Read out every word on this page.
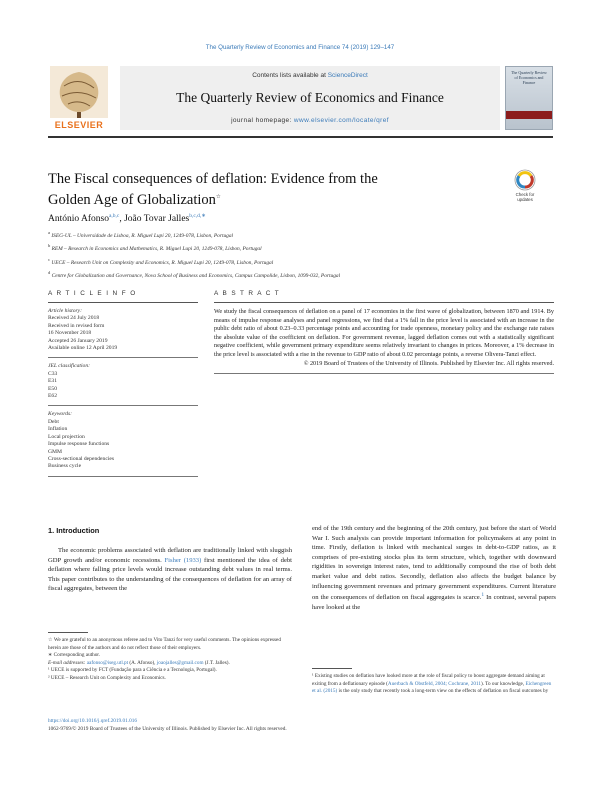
The Quarterly Review of Economics and Finance 74 (2019) 129–147
ELSEVIER
Contents lists available at ScienceDirect
The Quarterly Review of Economics and Finance
journal homepage: www.elsevier.com/locate/qref
The Quarterly Review of Economics and Finance
The Fiscal consequences of deflation: Evidence from the
Golden Age of Globalization☆	Check for
updates
António Afonso$^{a,b,c}$, João Tovar Jalles$^{b,c,d,∗}$
$^a$ ISEG-UL – Universidade de Lisboa, R. Miguel Lupi 20, 1249-078, Lisbon, Portugal
$^b$ REM – Research in Economics and Mathematics, R. Miguel Lupi 20, 1249-078, Lisbon, Portugal
$^c$ UECE – Research Unit on Complexity and Economics, R. Miguel Lupi 20, 1249-078, Lisbon, Portugal
$^d$ Centre for Globalization and Governance, Nova School of Business and Economics, Campus Campolide, Lisbon, 1099-032, Portugal
A R T I C L E I N F O
Article history:
Received 24 July 2018
Received in revised form
16 November 2018
Accepted 26 January 2019
Available online 12 April 2019
JEL classification:
C33
E31
E50
E62
Keywords:
Debt
Inflation
Local projection
Impulse response functions
GMM
Cross-sectional dependencies
Business cycle
A B S T R A C T
We study the fiscal consequences of deflation on a panel of 17 economies in the first wave of globalization, between 1870 and 1914. By means of impulse response analyses and panel regressions, we find that a 1% fall in the price level is associated with an increase in the public debt ratio of about 0.23–0.33 percentage points and accounting for trade openness, monetary policy and the exchange rate raises the absolute value of the coefficient on deflation. For government revenue, lagged deflation comes out with a statistically significant negative coefficient, while government primary expenditure seems relatively invariant to changes in prices. Moreover, a 1% decrease in the price level is associated with a rise in the revenue to GDP ratio of about 0.02 percentage points, a reverse Olivera-Tanzi effect.
© 2019 Board of Trustees of the University of Illinois. Published by Elsevier Inc. All rights reserved.
1. Introduction
The economic problems associated with deflation are traditionally linked with sluggish GDP growth and/or economic recessions. Fisher (1933) first mentioned the idea of debt deflation where falling price levels would increase outstanding debt values in real terms. This paper contributes to the understanding of the consequences of deflation for an array of fiscal aggregates, between the
end of the 19th century and the beginning of the 20th century, just before the start of World War I. Such analysis can provide important information for policymakers at any point in time. Firstly, deflation is linked with mechanical surges in debt-to-GDP ratios, as it comprises of pre-existing stocks plus its term structure, which, together with downward rigidities in sovereign interest rates, tend to additionally compound the rise of both debt market value and debt ratios. Secondly, deflation also affects the budget balance by influencing government revenues and primary government expenditures. Current literature on the consequences of deflation on fiscal aggregates is scarce.$^1$ In contrast, several papers have looked at the
☆ We are grateful to an anonymous referee and to Vito Tanzi for very useful comments. The opinions expressed herein are those of the authors and do not reflect those of their employers.
∗ Corresponding author.
E-mail addresses: aafonso@iseg.utl.pt (A. Afonso), joaojalles@gmail.com (J.T. Jalles).
¹ UECE is supported by FCT (Fundação para a Ciência e a Tecnologia, Portugal).
² UECE – Research Unit on Complexity and Economics.	¹ Existing studies on deflation have looked more at the role of fiscal policy to boost aggregate demand aiming at exiting from a deflationary episode (Auerbach & Obstfeld, 2004; Cochrane, 2011). To our knowledge, Eichengreen et al. (2015) is the only study that recently took a long-term view on the effects of deflation on fiscal outcomes by
https://doi.org/10.1016/j.qref.2019.01.016
1062-9769/© 2019 Board of Trustees of the University of Illinois. Published by Elsevier Inc. All rights reserved.
